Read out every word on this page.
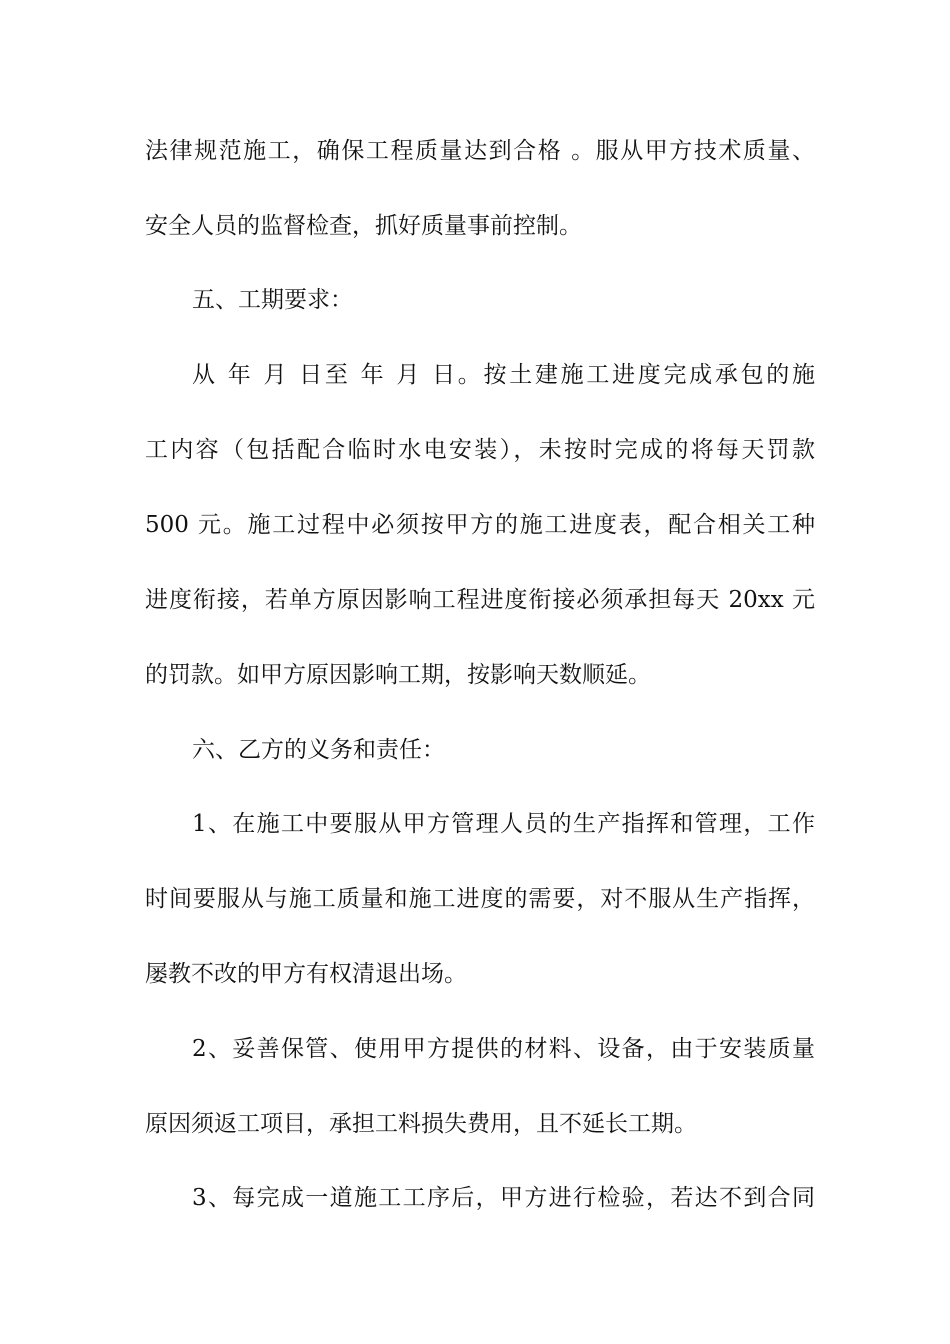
法律规范施工，确保工程质量达到合格 。服从甲方技术质量、
安全人员的监督检查，抓好质量事前控制。
五、工期要求：
从 年 月 日至 年 月 日。按土建施工进度完成承包的施
工内容（包括配合临时水电安装），未按时完成的将每天罚款
500 元。施工过程中必须按甲方的施工进度表，配合相关工种
进度衔接，若单方原因影响工程进度衔接必须承担每天 20xx 元
的罚款。如甲方原因影响工期，按影响天数顺延。
六、乙方的义务和责任：
1、在施工中要服从甲方管理人员的生产指挥和管理，工作
时间要服从与施工质量和施工进度的需要，对不服从生产指挥，
屡教不改的甲方有权清退出场。
2、妥善保管、使用甲方提供的材料、设备，由于安装质量
原因须返工项目，承担工料损失费用，且不延长工期。
3、每完成一道施工工序后，甲方进行检验，若达不到合同
